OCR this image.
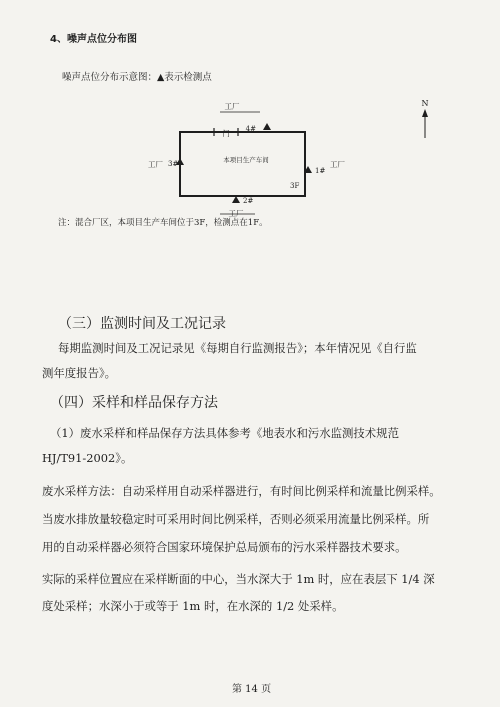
4、噪声点位分布图
噪声点位分布示意图：▲表示检测点
工厂
工厂	工厂
工厂
门
本项目生产车间
3F
4#
3#
1#
2#
N
注：混合厂区，本项目生产车间位于3F，检测点在1F。
（三）监测时间及工况记录
每期监测时间及工况记录见《每期自行监测报告》；本年情况见《自行监
测年度报告》。
（四）采样和样品保存方法
（1）废水采样和样品保存方法具体参考《地表水和污水监测技术规范
HJ/T91-2002》。
废水采样方法：自动采样用自动采样器进行，有时间比例采样和流量比例采样。
当废水排放量较稳定时可采用时间比例采样，否则必须采用流量比例采样。所
用的自动采样器必须符合国家环境保护总局颁布的污水采样器技术要求。
实际的采样位置应在采样断面的中心，当水深大于 1m 时，应在表层下 1/4 深
度处采样；水深小于或等于 1m 时，在水深的 1/2 处采样。
第 14 页
